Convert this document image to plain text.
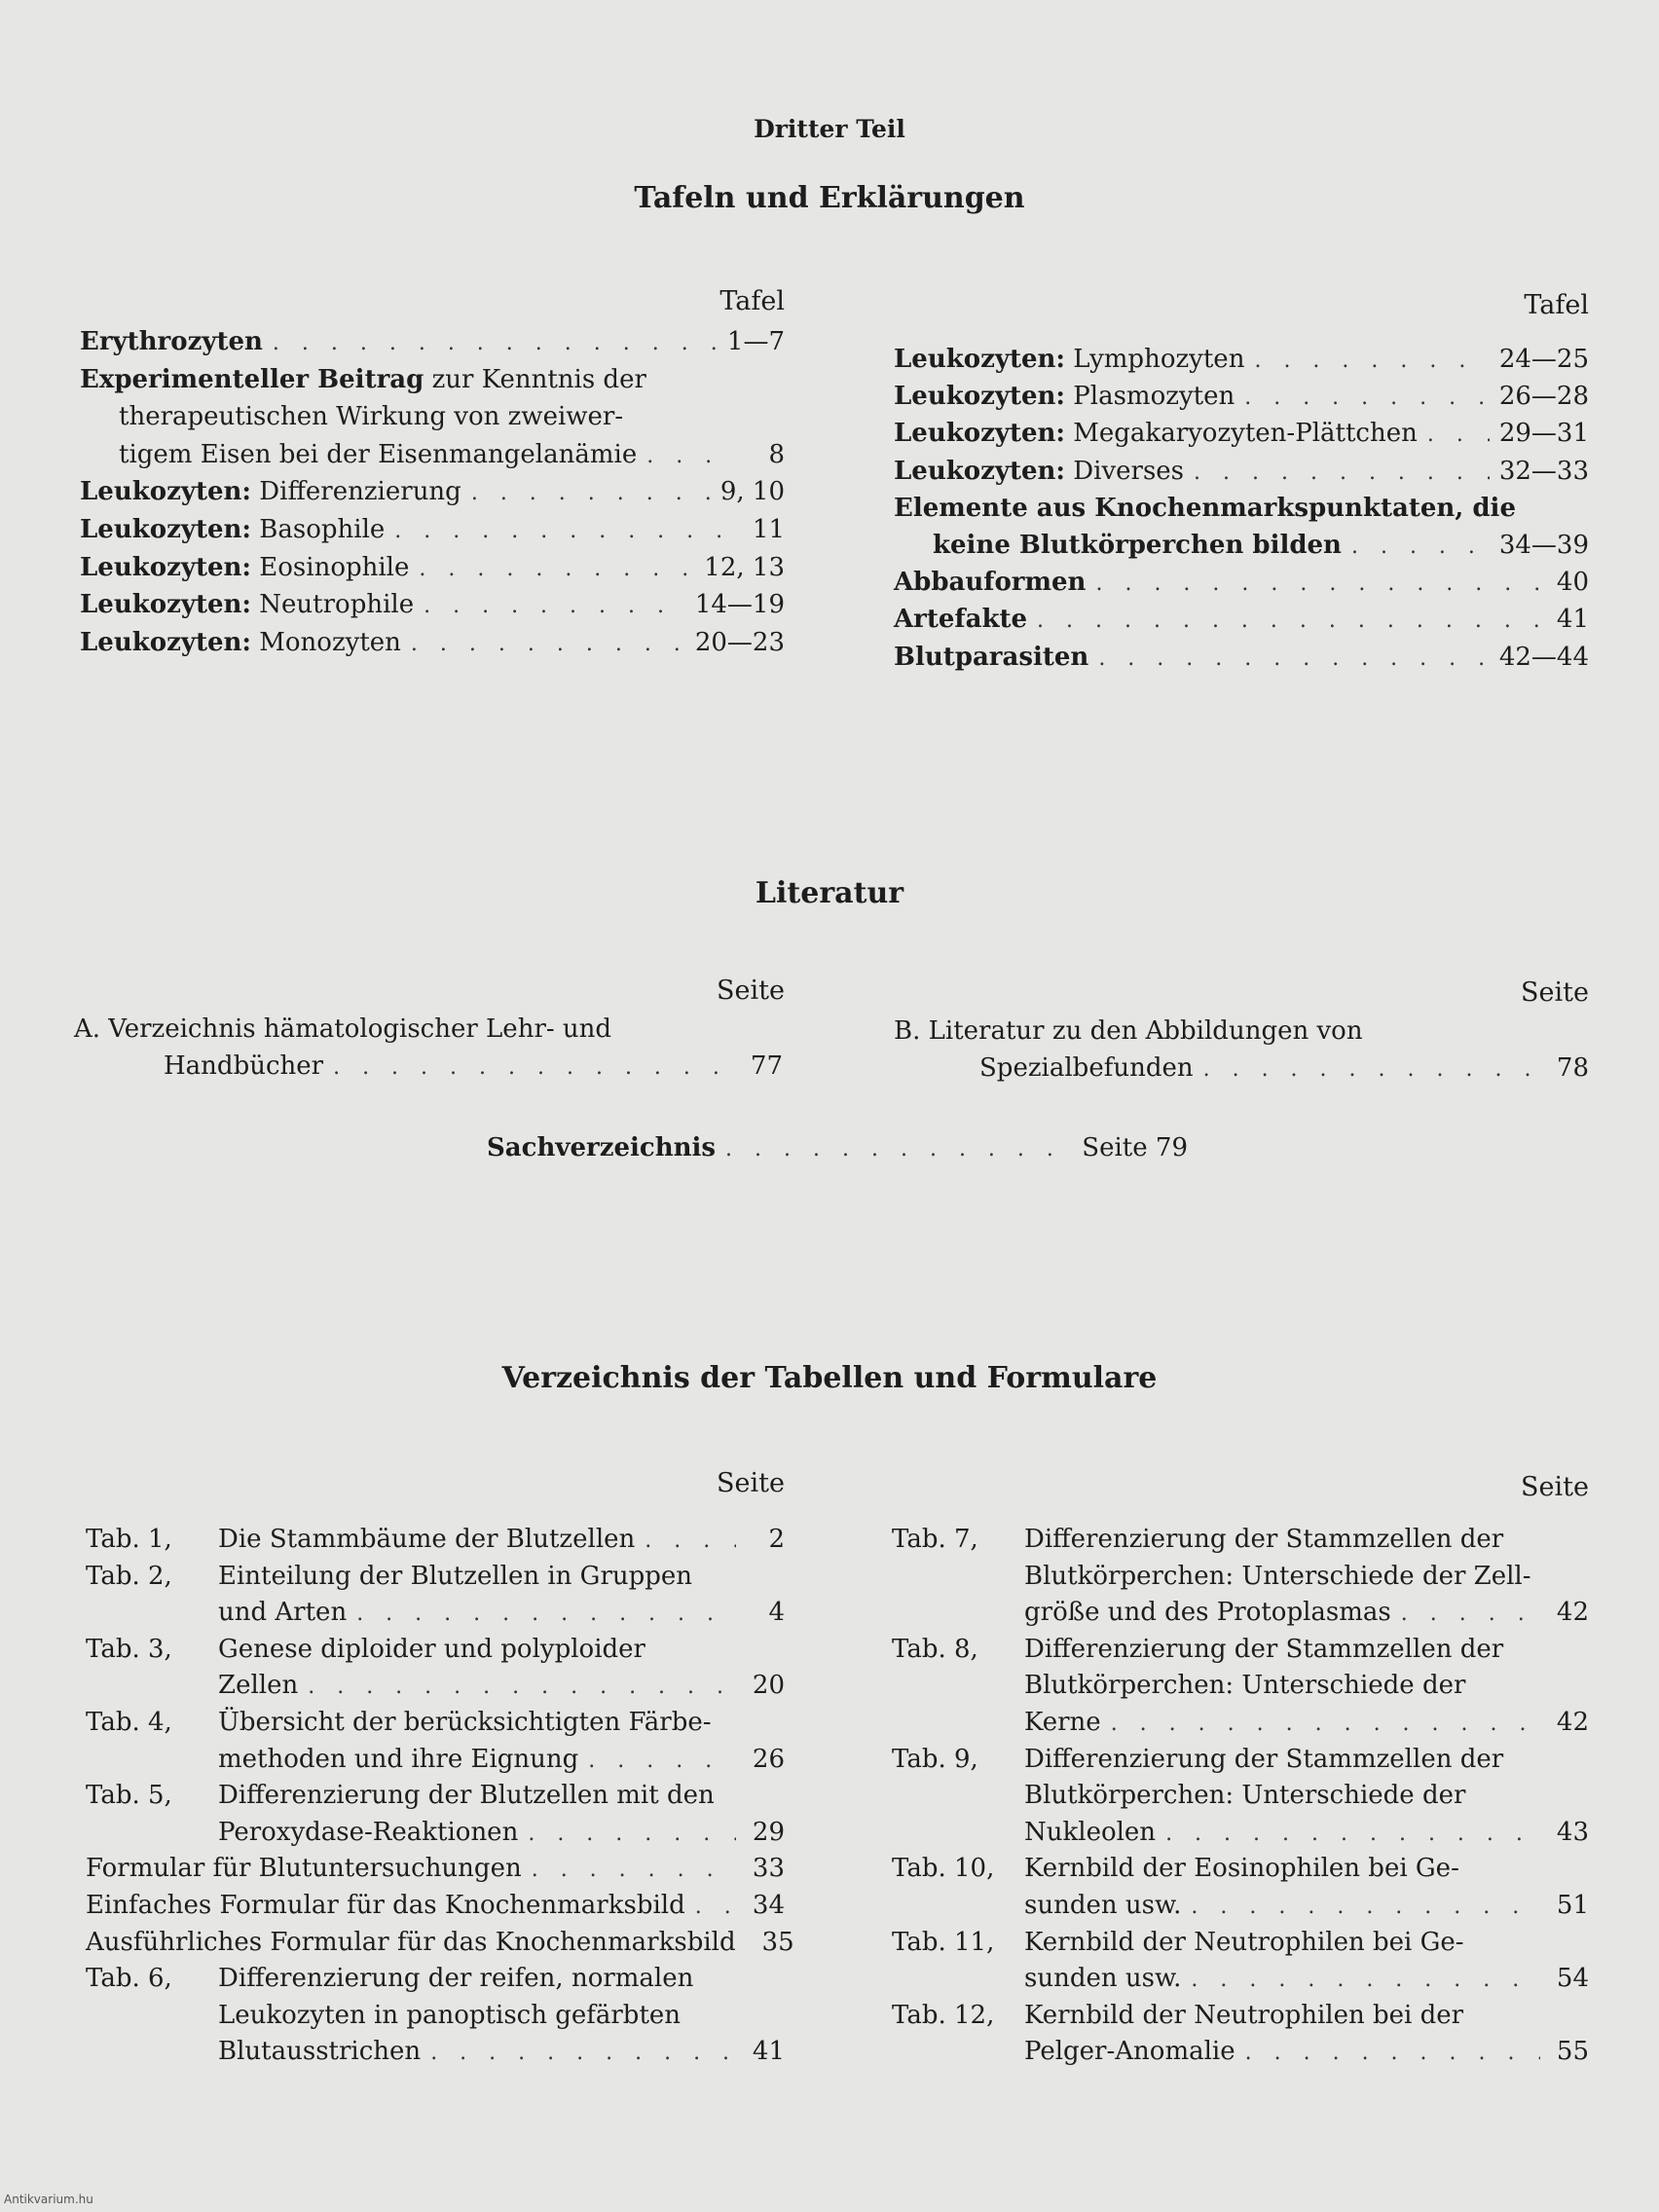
Dritter Teil
Tafeln und Erklärungen
Tafel	Tafel
Erythrozyten . . .	1—7
Experimenteller Beitrag zur Kenntnis der
therapeutischen Wirkung von zweiwer-
tigem Eisen bei der Eisenmangelanämie . . .	8
Leukozyten: Differenzierung . . .	9, 10
Leukozyten: Basophile . . .	11
Leukozyten: Eosinophile . . .	12, 13
Leukozyten: Neutrophile . . .	14—19
Leukozyten: Monozyten . . .	20—23
Leukozyten: Lymphozyten . . .	24—25
Leukozyten: Plasmozyten . . .	26—28
Leukozyten: Megakaryozyten-Plättchen . . .	29—31
Leukozyten: Diverses . . .	32—33
Elemente aus Knochenmarkspunktaten, die
keine Blutkörperchen bilden . . .	34—39
Abbauformen . . .	40
Artefakte . . .	41
Blutparasiten . . .	42—44
Literatur
Seite	Seite
A. Verzeichnis hämatologischer Lehr- und
Handbücher . . .	77
B. Literatur zu den Abbildungen von
Spezialbefunden . . .	78
Sachverzeichnis . . .	Seite 79
Verzeichnis der Tabellen und Formulare
Seite	Seite
Tab. 1, Die Stammbäume der Blutzellen . . .	2
Tab. 2, Einteilung der Blutzellen in Gruppen
und Arten . . .	4
Tab. 3, Genese diploider und polyploider
Zellen . . .	20
Tab. 4, Übersicht der berücksichtigten Färbe-
methoden und ihre Eignung . . .	26
Tab. 5, Differenzierung der Blutzellen mit den
Peroxydase-Reaktionen . . .	29
Formular für Blutuntersuchungen . . .	33
Einfaches Formular für das Knochenmarksbild . . .	34
Ausführliches Formular für das Knochenmarksbild 35
Tab. 6, Differenzierung der reifen, normalen
Leukozyten in panoptisch gefärbten
Blutausstrichen . . .	41
Tab. 7, Differenzierung der Stammzellen der
Blutkörperchen: Unterschiede der Zell-
größe und des Protoplasmas . . .	42
Tab. 8, Differenzierung der Stammzellen der
Blutkörperchen: Unterschiede der
Kerne . . .	42
Tab. 9, Differenzierung der Stammzellen der
Blutkörperchen: Unterschiede der
Nukleolen . . .	43
Tab. 10, Kernbild der Eosinophilen bei Ge-
sunden usw. . . .	51
Tab. 11, Kernbild der Neutrophilen bei Ge-
sunden usw. . . .	54
Tab. 12, Kernbild der Neutrophilen bei der
Pelger-Anomalie . . .	55
Antikvarium.hu
